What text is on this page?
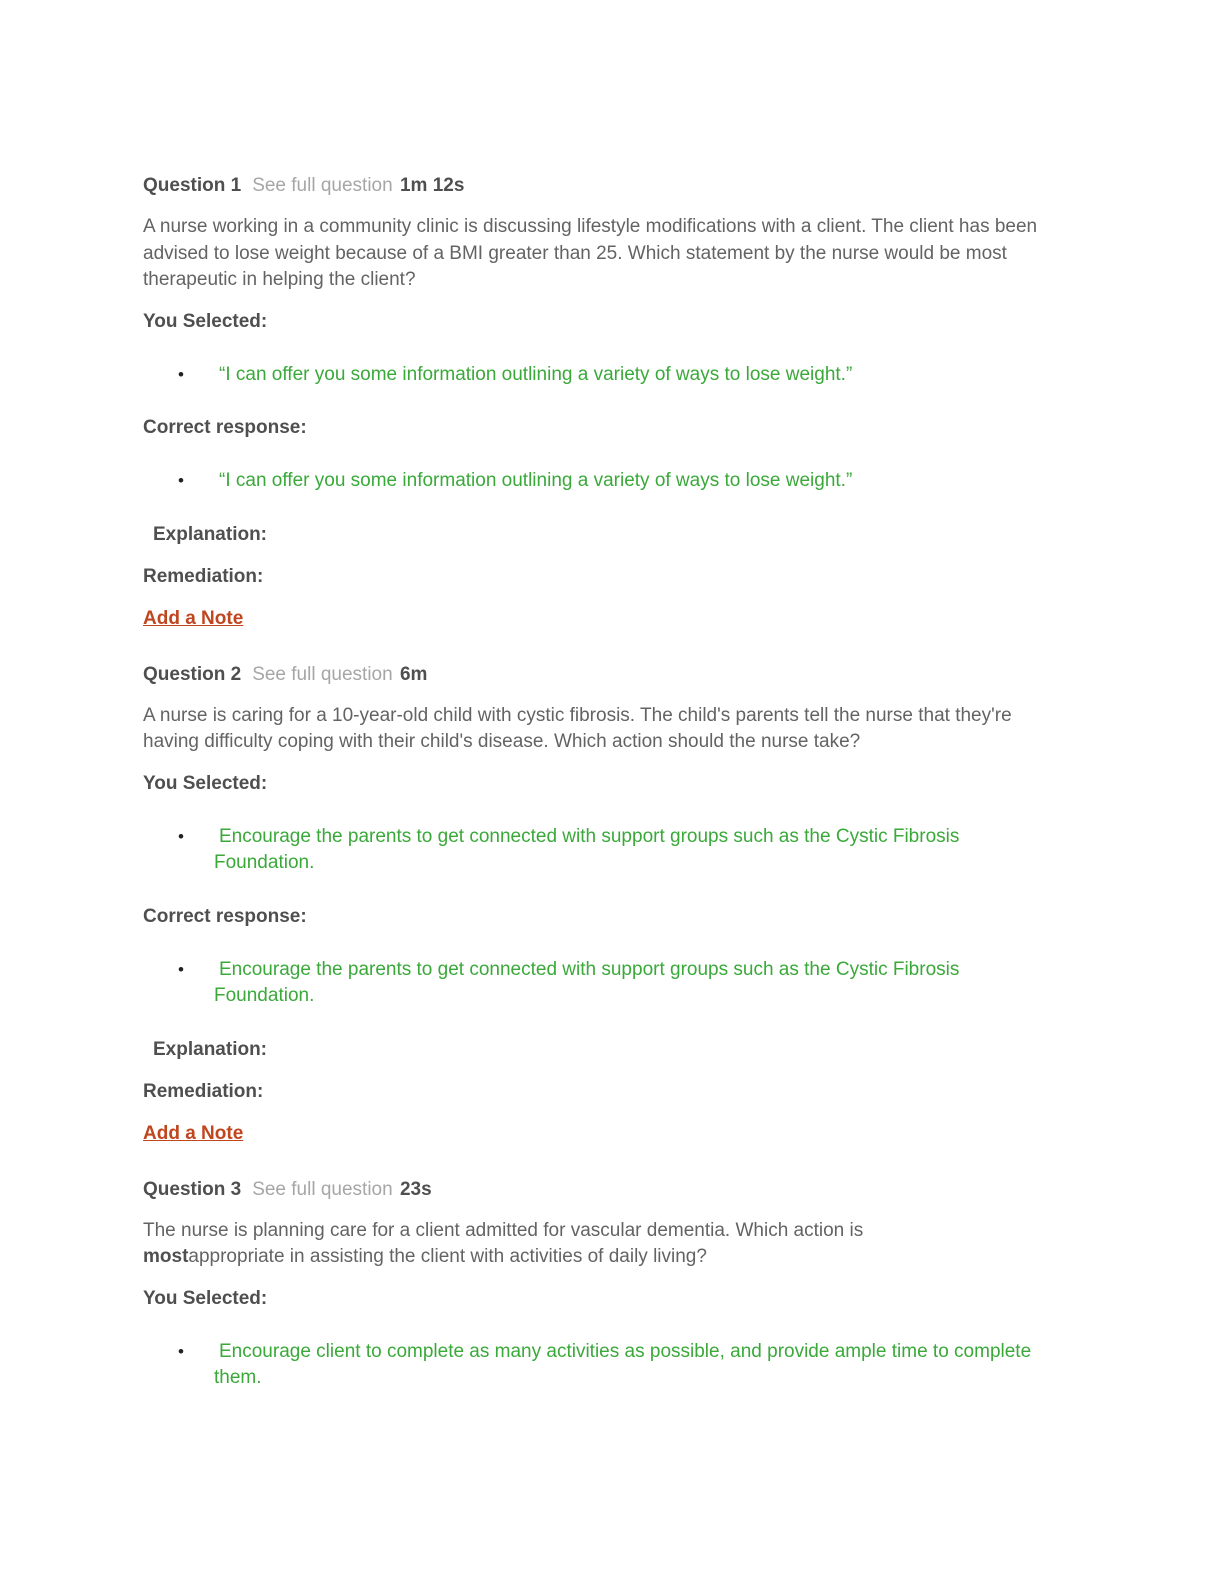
Question 1 See full question 1m 12s
A nurse working in a community clinic is discussing lifestyle modifications with a client. The client has been advised to lose weight because of a BMI greater than 25. Which statement by the nurse would be most therapeutic in helping the client?
You Selected:
• “I can offer you some information outlining a variety of ways to lose weight.”
Correct response:
• “I can offer you some information outlining a variety of ways to lose weight.”
Explanation:
Remediation:
Add a Note
Question 2 See full question 6m
A nurse is caring for a 10-year-old child with cystic fibrosis. The child's parents tell the nurse that they're having difficulty coping with their child's disease. Which action should the nurse take?
You Selected:
• Encourage the parents to get connected with support groups such as the Cystic Fibrosis Foundation.
Correct response:
• Encourage the parents to get connected with support groups such as the Cystic Fibrosis Foundation.
Explanation:
Remediation:
Add a Note
Question 3 See full question 23s
The nurse is planning care for a client admitted for vascular dementia. Which action is mostappropriate in assisting the client with activities of daily living?
You Selected:
• Encourage client to complete as many activities as possible, and provide ample time to complete them.
